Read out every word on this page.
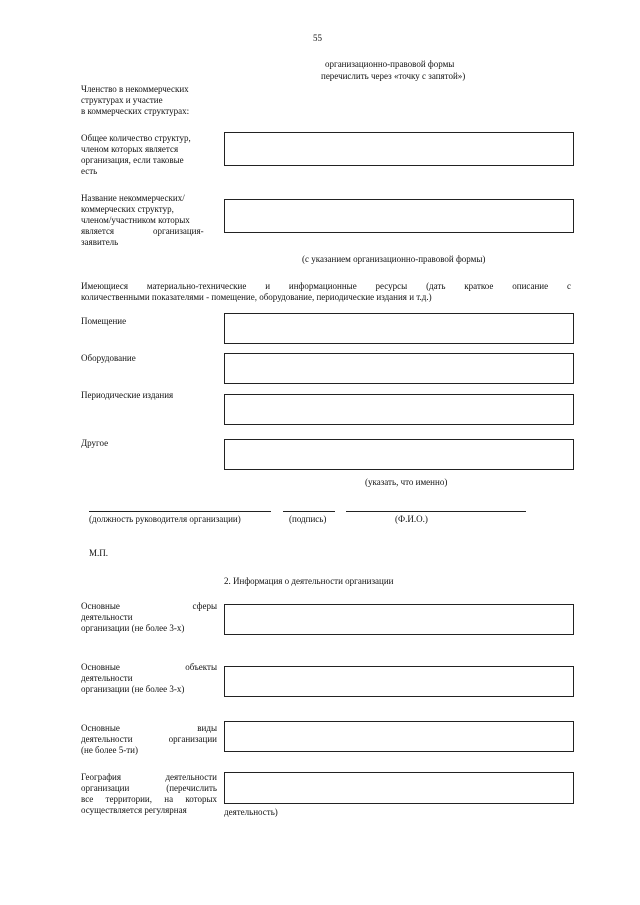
55
организационно-правовой формы
перечислить через «точку с запятой»)
Членство в некоммерческих
структурах и участие
в коммерческих структурах:
Общее количество структур,
членом которых является
организация, если таковые
есть
Название некоммерческих/
коммерческих структур,
членом/участником которых
является	организация-
заявитель
(с указанием организационно-правовой формы)
Имеющиеся материально-технические и информационные ресурсы (дать краткое описание с
количественными показателями - помещение, оборудование, периодические издания и т.д.)
Помещение
Оборудование
Периодические издания
Другое
(указать, что именно)
(должность руководителя организации)	(подпись)	(Ф.И.О.)
М.П.
2. Информация о деятельности организации
Основные	сферы
деятельности
организации (не более 3-х)
Основные	объекты
деятельности
организации (не более 3-х)
Основные	виды
деятельности	организации
(не более 5-ти)
География	деятельности
организации	(перечислить
все территории, на которых
осуществляется регулярная	деятельность)
